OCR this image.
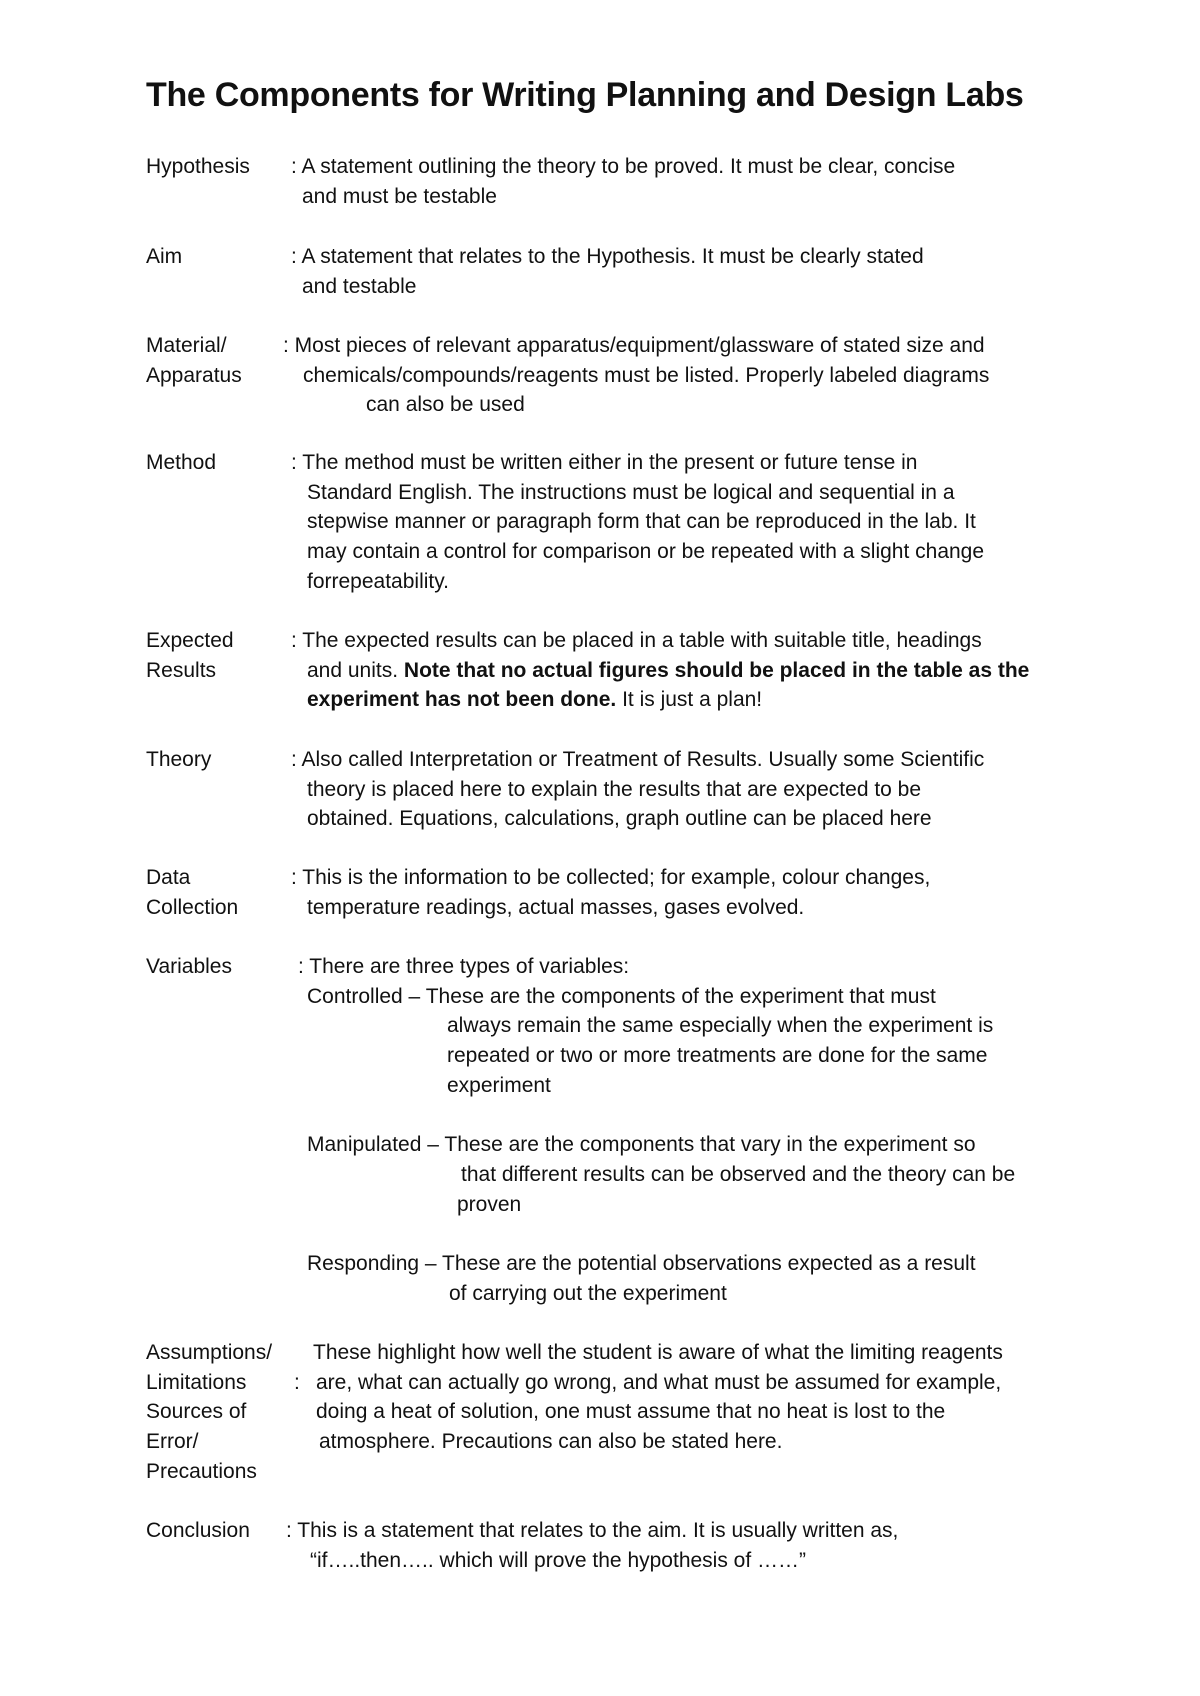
The Components for Writing Planning and Design Labs
Hypothesis : A statement outlining the theory to be proved. It must be clear, concise
and must be testable
Aim	: A statement that relates to the Hypothesis. It must be clearly stated
and testable
Material/
Apparatus
: Most pieces of relevant apparatus/equipment/glassware of stated size and
chemicals/compounds/reagents must be listed. Properly labeled diagrams
can also be used
Method	: The method must be written either in the present or future tense in
Standard English. The instructions must be logical and sequential in a
stepwise manner or paragraph form that can be reproduced in the lab. It
may contain a control for comparison or be repeated with a slight change
forrepeatability.
Expected
Results
: The expected results can be placed in a table with suitable title, headings
and units. Note that no actual figures should be placed in the table as the
experiment has not been done. It is just a plan!
Theory	: Also called Interpretation or Treatment of Results. Usually some Scientific
theory is placed here to explain the results that are expected to be
obtained. Equations, calculations, graph outline can be placed here
Data
Collection
: This is the information to be collected; for example, colour changes,
temperature readings, actual masses, gases evolved.
Variables	: There are three types of variables:
Controlled – These are the components of the experiment that must
always remain the same especially when the experiment is
repeated or two or more treatments are done for the same
experiment
Manipulated – These are the components that vary in the experiment so
that different results can be observed and the theory can be
proven
Responding – These are the potential observations expected as a result
of carrying out the experiment
Assumptions/
Limitations
Sources of
Error/
Precautions
:
These highlight how well the student is aware of what the limiting reagents
are, what can actually go wrong, and what must be assumed for example,
doing a heat of solution, one must assume that no heat is lost to the
atmosphere. Precautions can also be stated here.
Conclusion : This is a statement that relates to the aim. It is usually written as,
“if…..then….. which will prove the hypothesis of ……”
